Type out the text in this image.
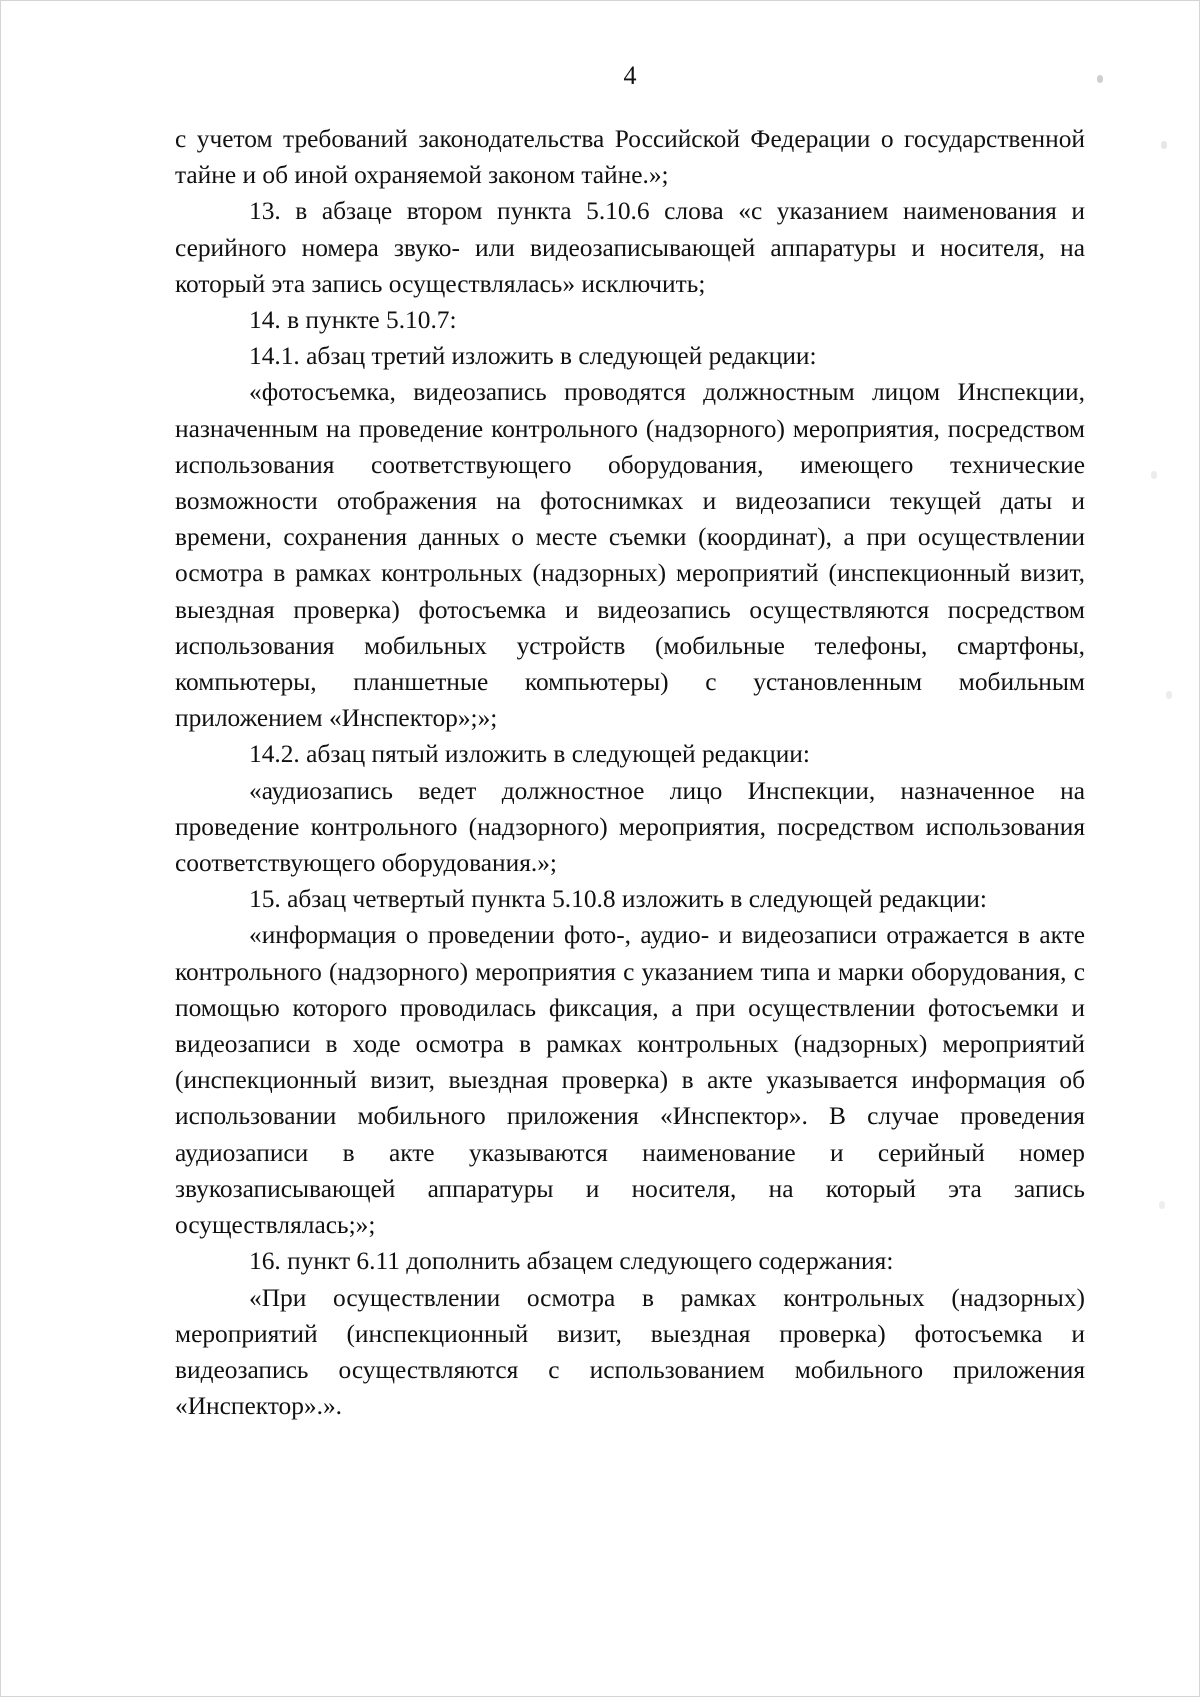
4

с учетом требований законодательства Российской Федерации о государственной тайне и об иной охраняемой законом тайне.»;

13. в абзаце втором пункта 5.10.6 слова «с указанием наименования и серийного номера звуко- или видеозаписывающей аппаратуры и носителя, на который эта запись осуществлялась» исключить;

14. в пункте 5.10.7:

14.1. абзац третий изложить в следующей редакции:

«фотосъемка, видеозапись проводятся должностным лицом Инспекции, назначенным на проведение контрольного (надзорного) мероприятия, посредством использования соответствующего оборудования, имеющего технические возможности отображения на фотоснимках и видеозаписи текущей даты и времени, сохранения данных о месте съемки (координат), а при осуществлении осмотра в рамках контрольных (надзорных) мероприятий (инспекционный визит, выездная проверка) фотосъемка и видеозапись осуществляются посредством использования мобильных устройств (мобильные телефоны, смартфоны, компьютеры, планшетные компьютеры) с установленным мобильным приложением «Инспектор»;»;

14.2. абзац пятый изложить в следующей редакции:

«аудиозапись ведет должностное лицо Инспекции, назначенное на проведение контрольного (надзорного) мероприятия, посредством использования соответствующего оборудования.»;

15. абзац четвертый пункта 5.10.8 изложить в следующей редакции:

«информация о проведении фото-, аудио- и видеозаписи отражается в акте контрольного (надзорного) мероприятия с указанием типа и марки оборудования, с помощью которого проводилась фиксация, а при осуществлении фотосъемки и видеозаписи в ходе осмотра в рамках контрольных (надзорных) мероприятий (инспекционный визит, выездная проверка) в акте указывается информация об использовании мобильного приложения «Инспектор». В случае проведения аудиозаписи в акте указываются наименование и серийный номер звукозаписывающей аппаратуры и носителя, на который эта запись осуществлялась;»;

16. пункт 6.11 дополнить абзацем следующего содержания:

«При осуществлении осмотра в рамках контрольных (надзорных) мероприятий (инспекционный визит, выездная проверка) фотосъемка и видеозапись осуществляются с использованием мобильного приложения «Инспектор».».
